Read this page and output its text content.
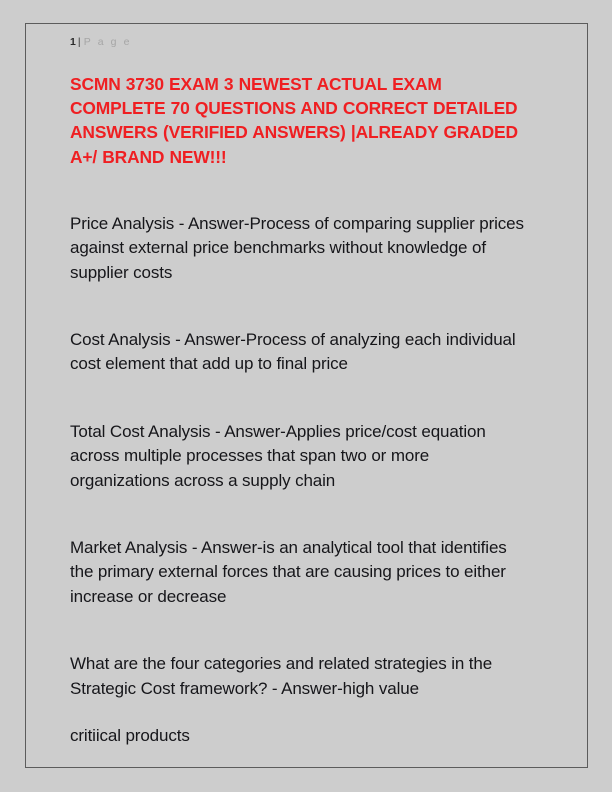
1 | P a g e
SCMN 3730 EXAM 3 NEWEST ACTUAL EXAM COMPLETE 70 QUESTIONS AND CORRECT DETAILED ANSWERS (VERIFIED ANSWERS) |ALREADY GRADED A+/ BRAND NEW!!!

Price Analysis - Answer-Process of comparing supplier prices against external price benchmarks without knowledge of supplier costs

Cost Analysis - Answer-Process of analyzing each individual cost element that add up to final price

Total Cost Analysis - Answer-Applies price/cost equation across multiple processes that span two or more organizations across a supply chain

Market Analysis - Answer-is an analytical tool that identifies the primary external forces that are causing prices to either increase or decrease

What are the four categories and related strategies in the Strategic Cost framework? - Answer-high value

critiical products
